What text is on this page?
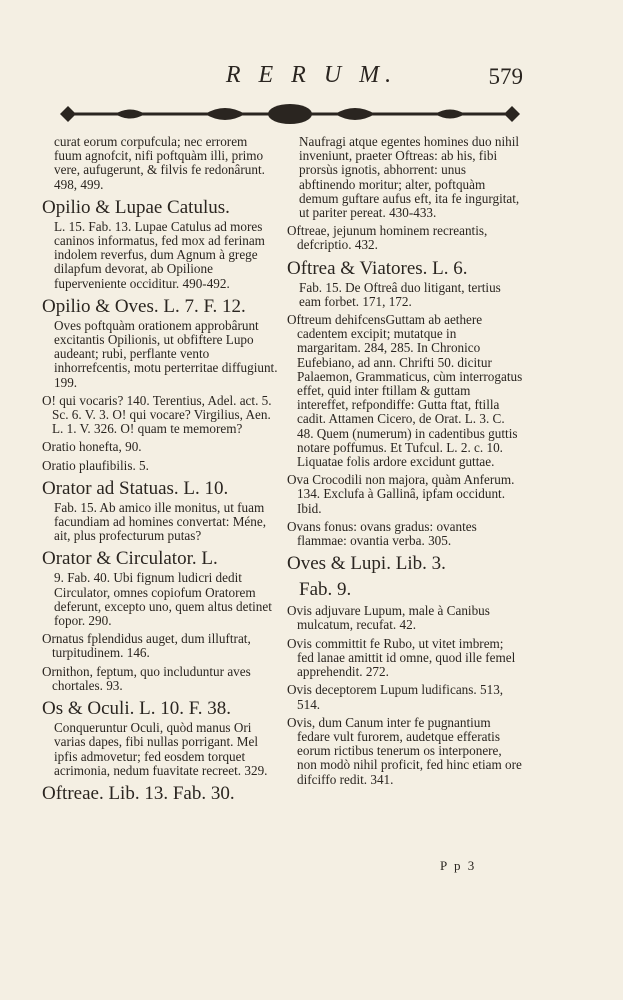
R E R U M.	579
curat eorum corpufcula; nec errorem fuum agnofcit, nifi poftquàm illi, primo vere, aufugerunt, & filvis fe redonârunt. 498, 499.
Opilio & Lupae Catulus.
L. 15. Fab. 13. Lupae Catulus ad mores caninos informatus, fed mox ad ferinam indolem reverfus, dum Agnum à grege dilapfum devorat, ab Opilione fupervenientе occiditur. 490-492.
Opilio & Oves. L. 7. F. 12.
Oves poftquàm orationem approbârunt excitantis Opilionis, ut obfiftere Lupo audeant; rubi, perflante vento inhorrefcentis, motu perterritae diffugiunt. 199.
O! qui vocaris? 140. Terentius, Adel. act. 5. Sc. 6. V. 3. O! qui vocare? Virgilius, Aen. L. 1. V. 326. O! quam te memorem?
Oratio honefta, 90.
Oratio plaufibilis. 5.
Orator ad Statuas. L. 10.
Fab. 15. Ab amico ille monitus, ut fuam facundiam ad homines convertat: Méne, ait, plus profecturum putas?
Orator & Circulator. L.
9. Fab. 40. Ubi fignum ludicri dedit Circulator, omnes copiofum Oratorem deferunt, excepto uno, quem altus detinet fopor. 290.
Ornatus fplendidus auget, dum illuftrat, turpitudinem. 146.
Ornithon, feptum, quo includuntur aves chortales. 93.
Os & Oculi. L. 10. F. 38.
Conqueruntur Oculi, quòd manus Ori varias dapes, fibi nullas porrigant. Mel ipfis admovetur; fed eosdem torquet acrimonia, nedum fuavitate recreet. 329.
Oftreae. Lib. 13. Fab. 30.
Naufragi atque egentes homines duo nihil inveniunt, praeter Oftreas: ab his, fibi prorsùs ignotis, abhorrent: unus abftinendo moritur; alter, poftquàm demum guftare aufus eft, ita fe ingurgitat, ut pariter pereat. 430-433.
Oftreae, jejunum hominem recreantis, defcriptio. 432.
Oftrea & Viatores. L. 6.
Fab. 15. De Oftreâ duo litigant, tertius eam forbet. 171, 172.
Oftreum dehifcensGuttam ab aethere cadentem excipit; mutatque in margaritam. 284, 285. In Chronico Eufebiano, ad ann. Chrifti 50. dicitur Palaemon, Grammaticus, cùm interrogatus effet, quid inter ftillam & guttam intereffet, refpondiffe: Gutta ftat, ftilla cadit. Attamen Cicero, de Orat. L. 3. C. 48. Quem (numerum) in cadentibus guttis notare poffumus. Et Tufcul. L. 2. c. 10. Liquatae folis ardore excidunt guttae.
Ova Crocodili non majora, quàm Anferum. 134. Exclufa à Gallinâ, ipfam occidunt. Ibid.
Ovans fonus: ovans gradus: ovantes flammae: ovantia verba. 305.
Oves & Lupi. Lib. 3.
Fab. 9.
Ovis adjuvare Lupum, male à Canibus mulcatum, recufat. 42.
Ovis committit fe Rubo, ut vitet imbrem; fed lanae amittit id omne, quod ille femel apprehendit. 272.
Ovis deceptorem Lupum ludificans. 513, 514.
Ovis, dum Canum inter fe pugnantium fedare vult furorem, audetque efferatis eorum rictibus tenerum os interponere, non modò nihil proficit, fed hinc etiam ore difciffo redit. 341.
P p 3
